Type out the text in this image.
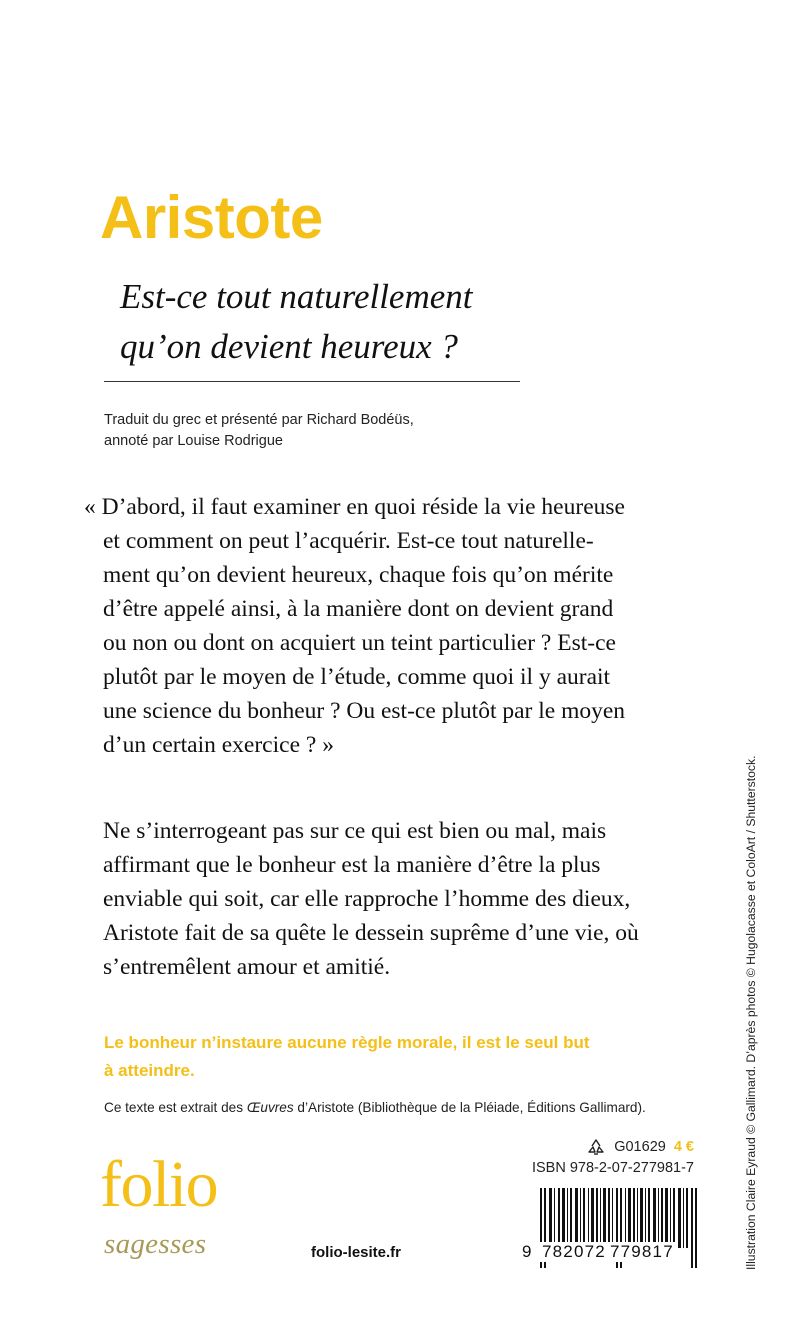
Aristote
Est-ce tout naturellement
qu’on devient heureux ?
Traduit du grec et présenté par Richard Bodéüs,
annoté par Louise Rodrigue
« D’abord, il faut examiner en quoi réside la vie heureuse
et comment on peut l’acquérir. Est-ce tout naturelle-
ment qu’on devient heureux, chaque fois qu’on mérite
d’être appelé ainsi, à la manière dont on devient grand
ou non ou dont on acquiert un teint particulier ? Est-ce
plutôt par le moyen de l’étude, comme quoi il y aurait
une science du bonheur ? Ou est-ce plutôt par le moyen
d’un certain exercice ? »
Ne s’interrogeant pas sur ce qui est bien ou mal, mais
affirmant que le bonheur est la manière d’être la plus
enviable qui soit, car elle rapproche l’homme des dieux,
Aristote fait de sa quête le dessein suprême d’une vie, où
s’entremêlent amour et amitié.
Le bonheur n’instaure aucune règle morale, il est le seul but
à atteindre.
Ce texte est extrait des Œuvres d’Aristote (Bibliothèque de la Pléiade, Éditions Gallimard).
G01629 4 €
ISBN 978-2-07-277981-7
9 782072 779817
folio
sagesses	folio-lesite.fr	Illustration Claire Eyraud © Gallimard. D’après photos © Hugolacasse et ColoArt / Shutterstock.
